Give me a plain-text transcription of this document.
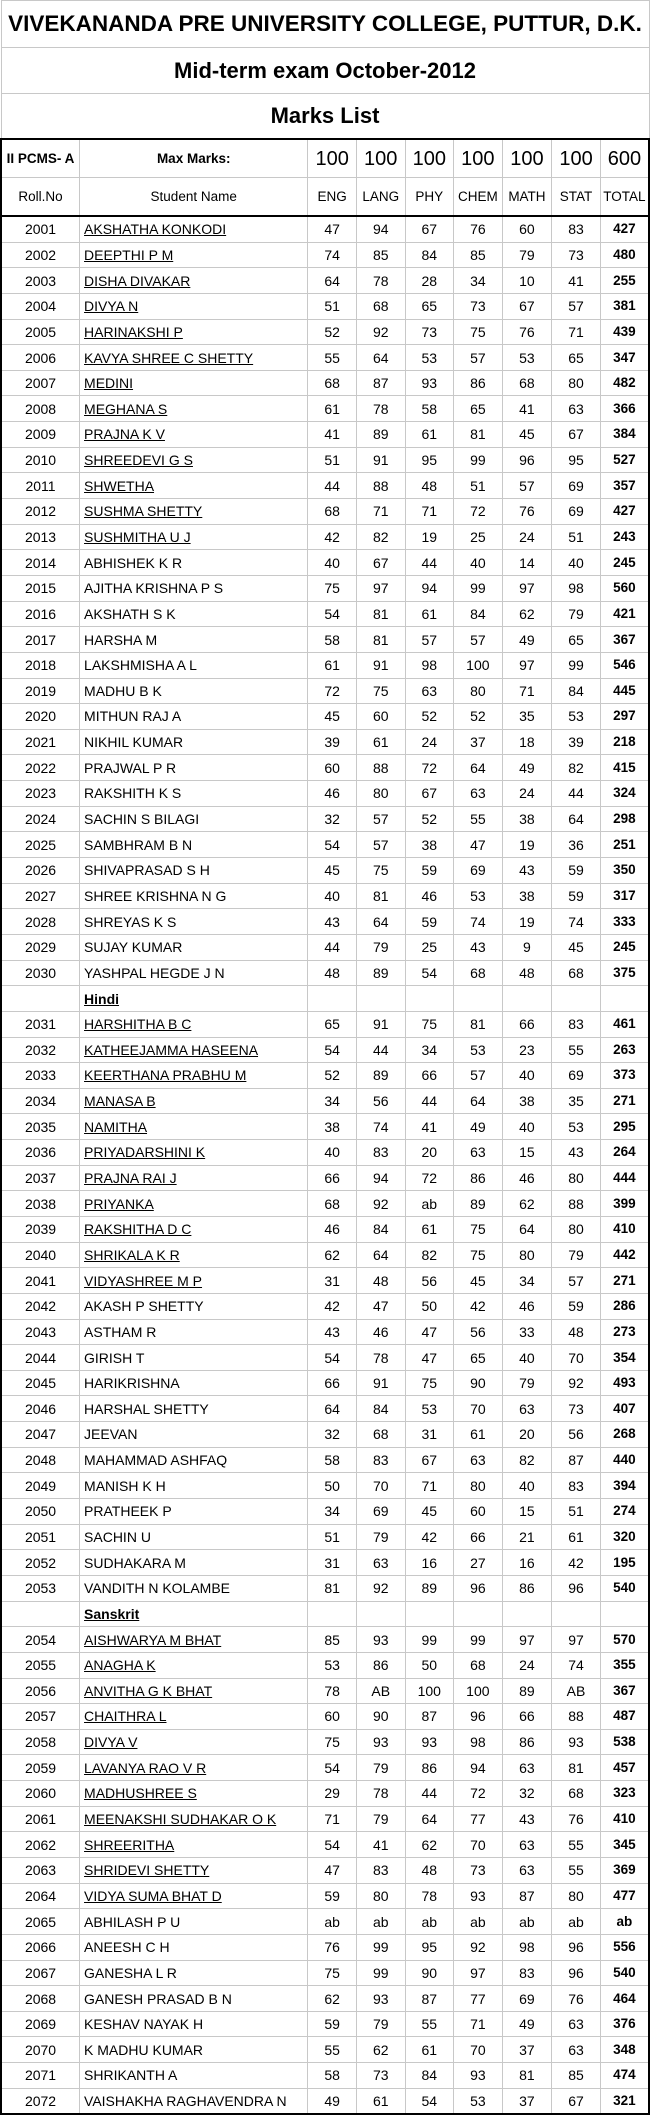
VIVEKANANDA PRE UNIVERSITY COLLEGE, PUTTUR, D.K.								
Mid-term exam October-2012								
Marks List								
II PCMS- A	Max Marks:	100	100	100	100	100	100	600
Roll.No	Student Name	ENG	LANG	PHY	CHEM	MATH	STAT	TOTAL
2001	AKSHATHA KONKODI	47	94	67	76	60	83	427
2002	DEEPTHI P M	74	85	84	85	79	73	480
2003	DISHA DIVAKAR	64	78	28	34	10	41	255
2004	DIVYA N	51	68	65	73	67	57	381
2005	HARINAKSHI P	52	92	73	75	76	71	439
2006	KAVYA SHREE C SHETTY	55	64	53	57	53	65	347
2007	MEDINI	68	87	93	86	68	80	482
2008	MEGHANA S	61	78	58	65	41	63	366
2009	PRAJNA K V	41	89	61	81	45	67	384
2010	SHREEDEVI G S	51	91	95	99	96	95	527
2011	SHWETHA	44	88	48	51	57	69	357
2012	SUSHMA SHETTY	68	71	71	72	76	69	427
2013	SUSHMITHA U J	42	82	19	25	24	51	243
2014	ABHISHEK K R	40	67	44	40	14	40	245
2015	AJITHA KRISHNA P S	75	97	94	99	97	98	560
2016	AKSHATH S K	54	81	61	84	62	79	421
2017	HARSHA M	58	81	57	57	49	65	367
2018	LAKSHMISHA A L	61	91	98	100	97	99	546
2019	MADHU B K	72	75	63	80	71	84	445
2020	MITHUN RAJ A	45	60	52	52	35	53	297
2021	NIKHIL KUMAR	39	61	24	37	18	39	218
2022	PRAJWAL P R	60	88	72	64	49	82	415
2023	RAKSHITH K S	46	80	67	63	24	44	324
2024	SACHIN S BILAGI	32	57	52	55	38	64	298
2025	SAMBHRAM B N	54	57	38	47	19	36	251
2026	SHIVAPRASAD S H	45	75	59	69	43	59	350
2027	SHREE KRISHNA N G	40	81	46	53	38	59	317
2028	SHREYAS K S	43	64	59	74	19	74	333
2029	SUJAY KUMAR	44	79	25	43	9	45	245
2030	YASHPAL HEGDE J N	48	89	54	68	48	68	375
	Hindi							
2031	HARSHITHA B C	65	91	75	81	66	83	461
2032	KATHEEJAMMA HASEENA	54	44	34	53	23	55	263
2033	KEERTHANA PRABHU M	52	89	66	57	40	69	373
2034	MANASA B	34	56	44	64	38	35	271
2035	NAMITHA	38	74	41	49	40	53	295
2036	PRIYADARSHINI K	40	83	20	63	15	43	264
2037	PRAJNA RAI J	66	94	72	86	46	80	444
2038	PRIYANKA	68	92	ab	89	62	88	399
2039	RAKSHITHA D C	46	84	61	75	64	80	410
2040	SHRIKALA K R	62	64	82	75	80	79	442
2041	VIDYASHREE M P	31	48	56	45	34	57	271
2042	AKASH P SHETTY	42	47	50	42	46	59	286
2043	ASTHAM R	43	46	47	56	33	48	273
2044	GIRISH T	54	78	47	65	40	70	354
2045	HARIKRISHNA	66	91	75	90	79	92	493
2046	HARSHAL SHETTY	64	84	53	70	63	73	407
2047	JEEVAN	32	68	31	61	20	56	268
2048	MAHAMMAD ASHFAQ	58	83	67	63	82	87	440
2049	MANISH K H	50	70	71	80	40	83	394
2050	PRATHEEK P	34	69	45	60	15	51	274
2051	SACHIN U	51	79	42	66	21	61	320
2052	SUDHAKARA M	31	63	16	27	16	42	195
2053	VANDITH N KOLAMBE	81	92	89	96	86	96	540
	Sanskrit							
2054	AISHWARYA M BHAT	85	93	99	99	97	97	570
2055	ANAGHA K	53	86	50	68	24	74	355
2056	ANVITHA G K BHAT	78	AB	100	100	89	AB	367
2057	CHAITHRA L	60	90	87	96	66	88	487
2058	DIVYA V	75	93	93	98	86	93	538
2059	LAVANYA RAO V R	54	79	86	94	63	81	457
2060	MADHUSHREE S	29	78	44	72	32	68	323
2061	MEENAKSHI SUDHAKAR O K	71	79	64	77	43	76	410
2062	SHREERITHA	54	41	62	70	63	55	345
2063	SHRIDEVI SHETTY	47	83	48	73	63	55	369
2064	VIDYA SUMA BHAT D	59	80	78	93	87	80	477
2065	ABHILASH P U	ab	ab	ab	ab	ab	ab	ab
2066	ANEESH C H	76	99	95	92	98	96	556
2067	GANESHA L R	75	99	90	97	83	96	540
2068	GANESH PRASAD B N	62	93	87	77	69	76	464
2069	KESHAV NAYAK H	59	79	55	71	49	63	376
2070	K MADHU KUMAR	55	62	61	70	37	63	348
2071	SHRIKANTH A	58	73	84	93	81	85	474
2072	VAISHAKHA RAGHAVENDRA N	49	61	54	53	37	67	321
